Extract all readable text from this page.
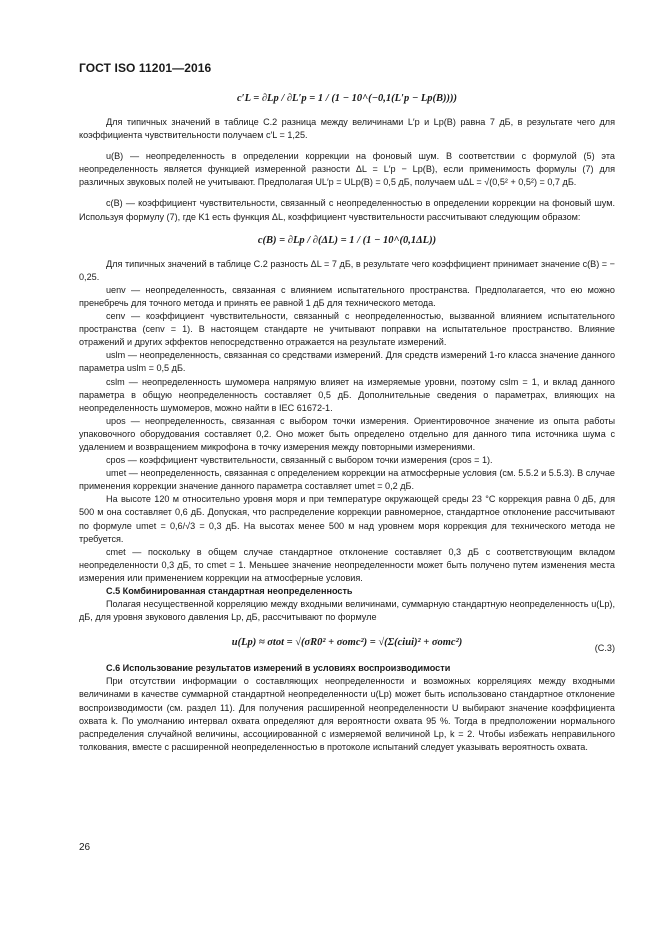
ГОСТ ISO 11201—2016
c′L = ∂Lp / ∂L′p = 1 / (1 − 10^(−0,1(L′p − Lp(B))))

Для типичных значений в таблице С.2 разница между величинами L′p и Lp(B) равна 7 дБ, в результате чего для коэффициента чувствительности получаем c′L = 1,25.

u(B) — неопределенность в определении коррекции на фоновый шум. В соответствии с формулой (5) эта неопределенность является функцией измеренной разности ΔL = L′p − Lp(B), если применимость формулы (7) для различных звуковых полей не учитывают. Предполагая UL′p = ULp(B) = 0,5 дБ, получаем uΔL = √(0,5² + 0,5²) = 0,7 дБ.

c(B) — коэффициент чувствительности, связанный с неопределенностью в определении коррекции на фоновый шум. Используя формулу (7), где K1 есть функция ΔL, коэффициент чувствительности рассчитывают следующим образом:

c(B) = ∂Lp / ∂(ΔL) = 1 / (1 − 10^(0,1ΔL))

Для типичных значений в таблице С.2 разность ΔL = 7 дБ, в результате чего коэффициент принимает значение c(B) = − 0,25.

uenv — неопределенность, связанная с влиянием испытательного пространства. Предполагается, что ею можно пренебречь для точного метода и принять ее равной 1 дБ для технического метода.

cenv — коэффициент чувствительности, связанный с неопределенностью, вызванной влиянием испытательного пространства (cenv = 1). В настоящем стандарте не учитывают поправки на испытательное пространство. Влияние отражений и других эффектов непосредственно отражается на результате измерений.

uslm — неопределенность, связанная со средствами измерений. Для средств измерений 1-го класса значение данного параметра uslm = 0,5 дБ.

cslm — неопределенность шумомера напрямую влияет на измеряемые уровни, поэтому cslm = 1, и вклад данного параметра в общую неопределенность составляет 0,5 дБ. Дополнительные сведения о параметрах, влияющих на неопределенность шумомеров, можно найти в IEC 61672-1.

upos — неопределенность, связанная с выбором точки измерения. Ориентировочное значение из опыта работы упаковочного оборудования составляет 0,2. Оно может быть определено отдельно для данного типа источника шума с удалением и возвращением микрофона в точку измерения между повторными измерениями.

cpos — коэффициент чувствительности, связанный с выбором точки измерения (cpos = 1).

umet — неопределенность, связанная с определением коррекции на атмосферные условия (см. 5.5.2 и 5.5.3). В случае применения коррекции значение данного параметра составляет umet = 0,2 дБ.

На высоте 120 м относительно уровня моря и при температуре окружающей среды 23 °C коррекция равна 0 дБ, для 500 м она составляет 0,6 дБ. Допуская, что распределение коррекции равномерное, стандартное отклонение рассчитывают по формуле umet = 0,6/√3 = 0,3 дБ. На высотах менее 500 м над уровнем моря коррекция для технического метода не требуется.

cmet — поскольку в общем случае стандартное отклонение составляет 0,3 дБ с соответствующим вкладом неопределенности 0,3 дБ, то cmet = 1. Меньшее значение неопределенности может быть получено путем изменения места измерения или применением коррекции на атмосферные условия.

С.5 Комбинированная стандартная неопределенность

Полагая несущественной корреляцию между входными величинами, суммарную стандартную неопределенность u(Lp), дБ, для уровня звукового давления Lp, дБ, рассчитывают по формуле

u(Lp) ≈ σtot = √(σR0² + σomc²) = √(Σ(ciui)² + σomc²)	(С.3)

С.6 Использование результатов измерений в условиях воспроизводимости

При отсутствии информации о составляющих неопределенности и возможных корреляциях между входными величинами в качестве суммарной стандартной неопределенности u(Lp) может быть использовано стандартное отклонение воспроизводимости (см. раздел 11). Для получения расширенной неопределенности U выбирают значение коэффициента охвата k. По умолчанию интервал охвата определяют для вероятности охвата 95 %. Тогда в предположении нормального распределения случайной величины, ассоциированной с измеряемой величиной Lp, k = 2. Чтобы избежать неправильного толкования, вместе с расширенной неопределенностью в протоколе испытаний следует указывать вероятность охвата.

26
